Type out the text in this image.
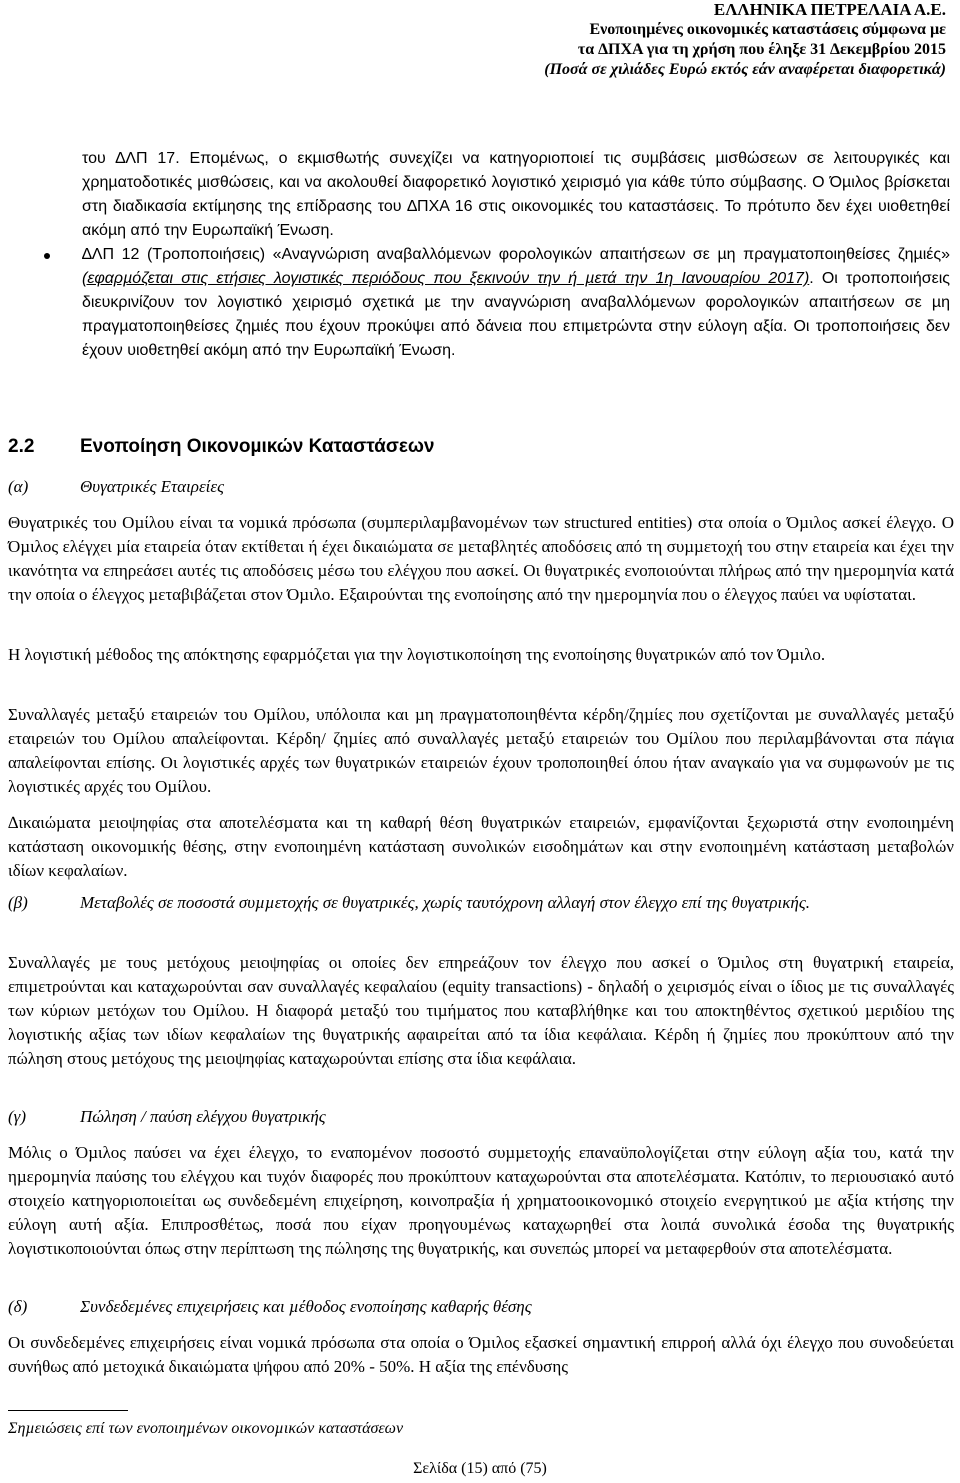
ΕΛΛΗΝΙΚΑ ΠΕΤΡΕΛΑΙΑ Α.Ε.
Ενοποιηµένες οικονοµικές καταστάσεις σύµφωνα µε
τα ∆ΠΧΑ για τη χρήση που έληξε 31 ∆εκεµβρίου 2015
(Ποσά σε χιλιάδες Ευρώ εκτός εάν αναφέρεται διαφορετικά)

του ∆ΛΠ 17. Εποµένως, ο εκµισθωτής συνεχίζει να κατηγοριοποιεί τις συµβάσεις µισθώσεων σε λειτουργικές και χρηµατοδοτικές µισθώσεις, και να ακολουθεί διαφορετικό λογιστικό χειρισµό για κάθε τύπο σύµβασης. Ο Όµιλος βρίσκεται στη διαδικασία εκτίµησης της επίδρασης του ∆ΠΧΑ 16 στις οικονοµικές του καταστάσεις. Το πρότυπο δεν έχει υιοθετηθεί ακόµη από την Ευρωπαϊκή Ένωση.

∆ΛΠ 12 (Τροποποιήσεις) «Αναγνώριση αναβαλλόµενων φορολογικών απαιτήσεων σε µη πραγµατοποιηθείσες ζηµιές» (εφαρµόζεται στις ετήσιες λογιστικές περιόδους που ξεκινούν την ή µετά την 1η Ιανουαρίου 2017). Οι τροποποιήσεις διευκρινίζουν τον λογιστικό χειρισµό σχετικά µε την αναγνώριση αναβαλλόµενων φορολογικών απαιτήσεων σε µη πραγµατοποιηθείσες ζηµιές που έχουν προκύψει από δάνεια που επιµετρώντα στην εύλογη αξία. Οι τροποποιήσεις δεν έχουν υιοθετηθεί ακόµη από την Ευρωπαϊκή Ένωση.

2.2 Ενοποίηση Οικονοµικών Καταστάσεων
(α)	Θυγατρικές Εταιρείες

Θυγατρικές του Οµίλου είναι τα νοµικά πρόσωπα (συµπεριλαµβανοµένων των structured entities) στα οποία ο Όµιλος ασκεί έλεγχο. Ο Όµιλος ελέγχει µία εταιρεία όταν εκτίθεται ή έχει δικαιώµατα σε µεταβλητές αποδόσεις από τη συµµετοχή του στην εταιρεία και έχει την ικανότητα να επηρεάσει αυτές τις αποδόσεις µέσω του ελέγχου που ασκεί. Οι θυγατρικές ενοποιούνται πλήρως από την ηµεροµηνία κατά την οποία ο έλεγχος µεταβιβάζεται στον Όµιλο. Εξαιρούνται της ενοποίησης από την ηµεροµηνία που ο έλεγχος παύει να υφίσταται.

Η λογιστική µέθοδος της απόκτησης εφαρµόζεται για την λογιστικοποίηση της ενοποίησης θυγατρικών από τον Όµιλο.

Συναλλαγές µεταξύ εταιρειών του Οµίλου, υπόλοιπα και µη πραγµατοποιηθέντα κέρδη/ζηµίες που σχετίζονται µε συναλλαγές µεταξύ εταιρειών του Οµίλου απαλείφονται. Κέρδη/ ζηµίες από συναλλαγές µεταξύ εταιρειών του Οµίλου που περιλαµβάνονται στα πάγια απαλείφονται επίσης. Οι λογιστικές αρχές των θυγατρικών εταιρειών έχουν τροποποιηθεί όπου ήταν αναγκαίο για να συµφωνούν µε τις λογιστικές αρχές του Οµίλου.

∆ικαιώµατα µειοψηφίας στα αποτελέσµατα και τη καθαρή θέση θυγατρικών εταιρειών, εµφανίζονται ξεχωριστά στην ενοποιηµένη κατάσταση οικονοµικής θέσης, στην ενοποιηµένη κατάσταση συνολικών εισοδηµάτων και στην ενοποιηµένη κατάσταση µεταβολών ιδίων κεφαλαίων.

(β)	Μεταβολές σε ποσοστά συµµετοχής σε θυγατρικές, χωρίς ταυτόχρονη αλλαγή στον έλεγχο επί της θυγατρικής.

Συναλλαγές µε τους µετόχους µειοψηφίας οι οποίες δεν επηρεάζουν τον έλεγχο που ασκεί ο Όµιλος στη θυγατρική εταιρεία, επιµετρούνται και καταχωρούνται σαν συναλλαγές κεφαλαίου (equity transactions) - δηλαδή ο χειρισµός είναι ο ίδιος µε τις συναλλαγές των κύριων µετόχων του Οµίλου. Η διαφορά µεταξύ του τιµήµατος που καταβλήθηκε και του αποκτηθέντος σχετικού µεριδίου της λογιστικής αξίας των ιδίων κεφαλαίων της θυγατρικής αφαιρείται από τα ίδια κεφάλαια. Κέρδη ή ζηµίες που προκύπτουν από την πώληση στους µετόχους της µειοψηφίας καταχωρούνται επίσης στα ίδια κεφάλαια.

(γ)	Πώληση / παύση ελέγχου θυγατρικής

Μόλις ο Όµιλος παύσει να έχει έλεγχο, το εναποµένον ποσοστό συµµετοχής επαναϋπολογίζεται στην εύλογη αξία του, κατά την ηµεροµηνία παύσης του ελέγχου και τυχόν διαφορές που προκύπτουν καταχωρούνται στα αποτελέσµατα. Κατόπιν, το περιουσιακό αυτό στοιχείο κατηγοριοποιείται ως συνδεδεµένη επιχείρηση, κοινοπραξία ή χρηµατοοικονοµικό στοιχείο ενεργητικού µε αξία κτήσης την εύλογη αυτή αξία. Επιπροσθέτως, ποσά που είχαν προηγουµένως καταχωρηθεί στα λοιπά συνολικά έσοδα της θυγατρικής λογιστικοποιούνται όπως στην περίπτωση της πώλησης της θυγατρικής, και συνεπώς µπορεί να µεταφερθούν στα αποτελέσµατα.

(δ)	Συνδεδεµένες επιχειρήσεις και µέθοδος ενοποίησης καθαρής θέσης

Οι συνδεδεµένες επιχειρήσεις είναι νοµικά πρόσωπα στα οποία ο Όµιλος εξασκεί σηµαντική επιρροή αλλά όχι έλεγχο που συνοδεύεται συνήθως από µετοχικά δικαιώµατα ψήφου από 20% - 50%. Η αξία της επένδυσης

Σηµειώσεις επί των ενοποιηµένων οικονοµικών καταστάσεων
Σελίδα (15) από (75)
